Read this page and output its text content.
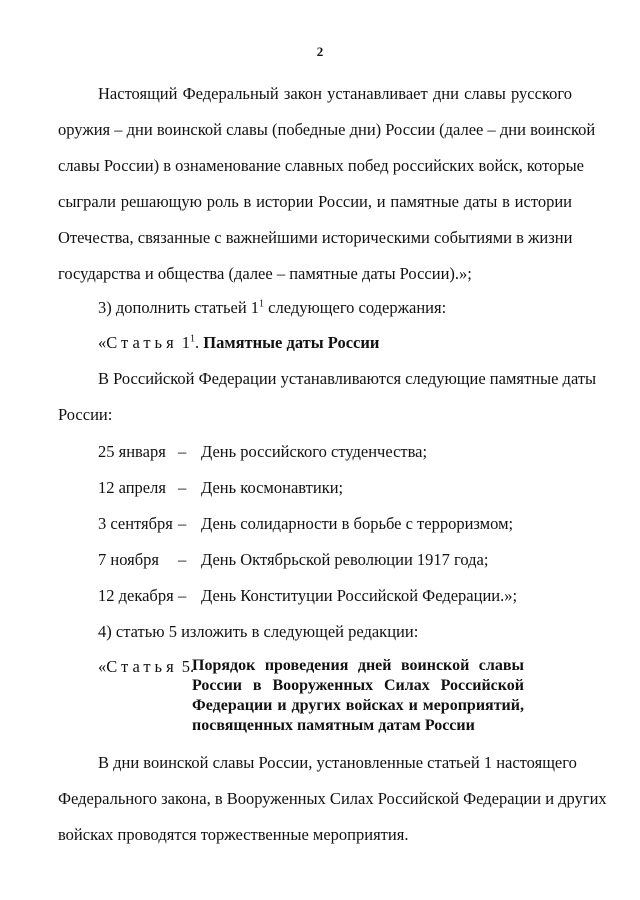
2
Настоящий Федеральный закон устанавливает дни славы русского
оружия – дни воинской славы (победные дни) России (далее – дни воинской
славы России) в ознаменование славных побед российских войск, которые
сыграли решающую роль в истории России, и памятные даты в истории
Отечества, связанные с важнейшими историческими событиями в жизни
государства и общества (далее – памятные даты России).»;
3) дополнить статьей $1^1$ следующего содержания:
«Статья $1^1$. Памятные даты России
В Российской Федерации устанавливаются следующие памятные даты
России:
25 января – День российского студенчества;
12 апреля – День космонавтики;
3 сентября – День солидарности в борьбе с терроризмом;
7 ноября – День Октябрьской революции 1917 года;
12 декабря – День Конституции Российской Федерации.»;
4) статью 5 изложить в следующей редакции:
«Статья 5.
Порядок проведения дней воинской славы
России в Вооруженных Силах Российской
Федерации и других войсках и мероприятий,
посвященных памятным датам России
В дни воинской славы России, установленные статьей 1 настоящего
Федерального закона, в Вооруженных Силах Российской Федерации и других
войсках проводятся торжественные мероприятия.
